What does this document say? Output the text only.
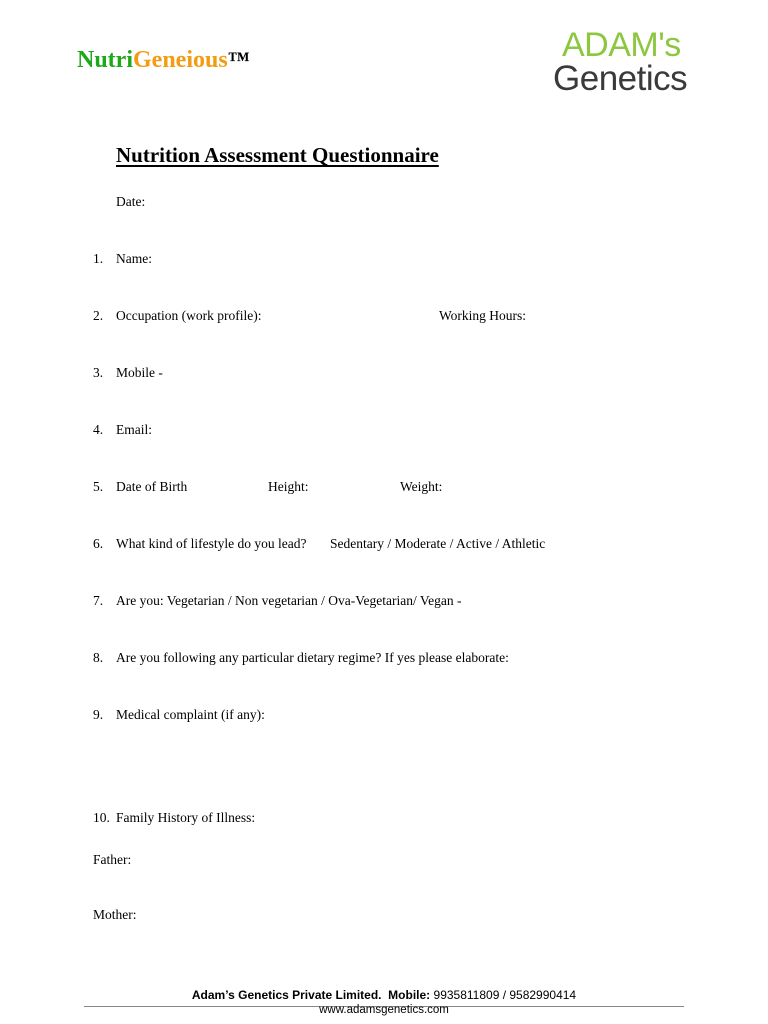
NutriGeneious™	ADAM's
Genetics
Nutrition Assessment Questionnaire
Date:
1. Name:
2. Occupation (work profile):	Working Hours:
3. Mobile -
4. Email:
5. Date of Birth	Height:	Weight:
6. What kind of lifestyle do you lead? Sedentary / Moderate / Active / Athletic
7. Are you: Vegetarian / Non vegetarian / Ova-Vegetarian/ Vegan -
8. Are you following any particular dietary regime? If yes please elaborate:
9. Medical complaint (if any):
10. Family History of Illness:
Father:
Mother:
Adam’s Genetics Private Limited. Mobile: 9935811809 / 9582990414
www.adamsgenetics.com
